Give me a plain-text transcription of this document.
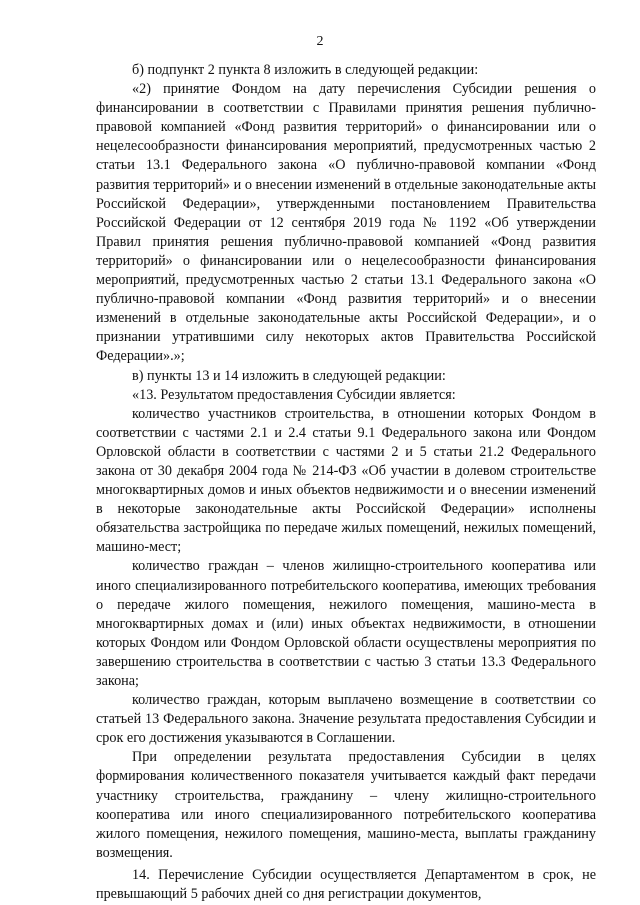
2

б) подпункт 2 пункта 8 изложить в следующей редакции:

«2) принятие Фондом на дату перечисления Субсидии решения о финансировании в соответствии с Правилами принятия решения публично-правовой компанией «Фонд развития территорий» о финансировании или о нецелесообразности финансирования мероприятий, предусмотренных частью 2 статьи 13.1 Федерального закона «О публично-правовой компании «Фонд развития территорий» и о внесении изменений в отдельные законодательные акты Российской Федерации», утвержденными постановлением Правительства Российской Федерации от 12 сентября 2019 года № 1192 «Об утверждении Правил принятия решения публично-правовой компанией «Фонд развития территорий» о финансировании или о нецелесообразности финансирования мероприятий, предусмотренных частью 2 статьи 13.1 Федерального закона «О публично-правовой компании «Фонд развития территорий» и о внесении изменений в отдельные законодательные акты Российской Федерации», и о признании утратившими силу некоторых актов Правительства Российской Федерации».»;

в) пункты 13 и 14 изложить в следующей редакции:

«13. Результатом предоставления Субсидии является:

количество участников строительства, в отношении которых Фондом в соответствии с частями 2.1 и 2.4 статьи 9.1 Федерального закона или Фондом Орловской области в соответствии с частями 2 и 5 статьи 21.2 Федерального закона от 30 декабря 2004 года № 214-ФЗ «Об участии в долевом строительстве многоквартирных домов и иных объектов недвижимости и о внесении изменений в некоторые законодательные акты Российской Федерации» исполнены обязательства застройщика по передаче жилых помещений, нежилых помещений, машино-мест;

количество граждан – членов жилищно-строительного кооператива или иного специализированного потребительского кооператива, имеющих требования о передаче жилого помещения, нежилого помещения, машино-места в многоквартирных домах и (или) иных объектах недвижимости, в отношении которых Фондом или Фондом Орловской области осуществлены мероприятия по завершению строительства в соответствии с частью 3 статьи 13.3 Федерального закона;

количество граждан, которым выплачено возмещение в соответствии со статьей 13 Федерального закона. Значение результата предоставления Субсидии и срок его достижения указываются в Соглашении.

При определении результата предоставления Субсидии в целях формирования количественного показателя учитывается каждый факт передачи участнику строительства, гражданину – члену жилищно-строительного кооператива или иного специализированного потребительского кооператива жилого помещения, нежилого помещения, машино-места, выплаты гражданину возмещения.

14. Перечисление Субсидии осуществляется Департаментом в срок, не превышающий 5 рабочих дней со дня регистрации документов,
